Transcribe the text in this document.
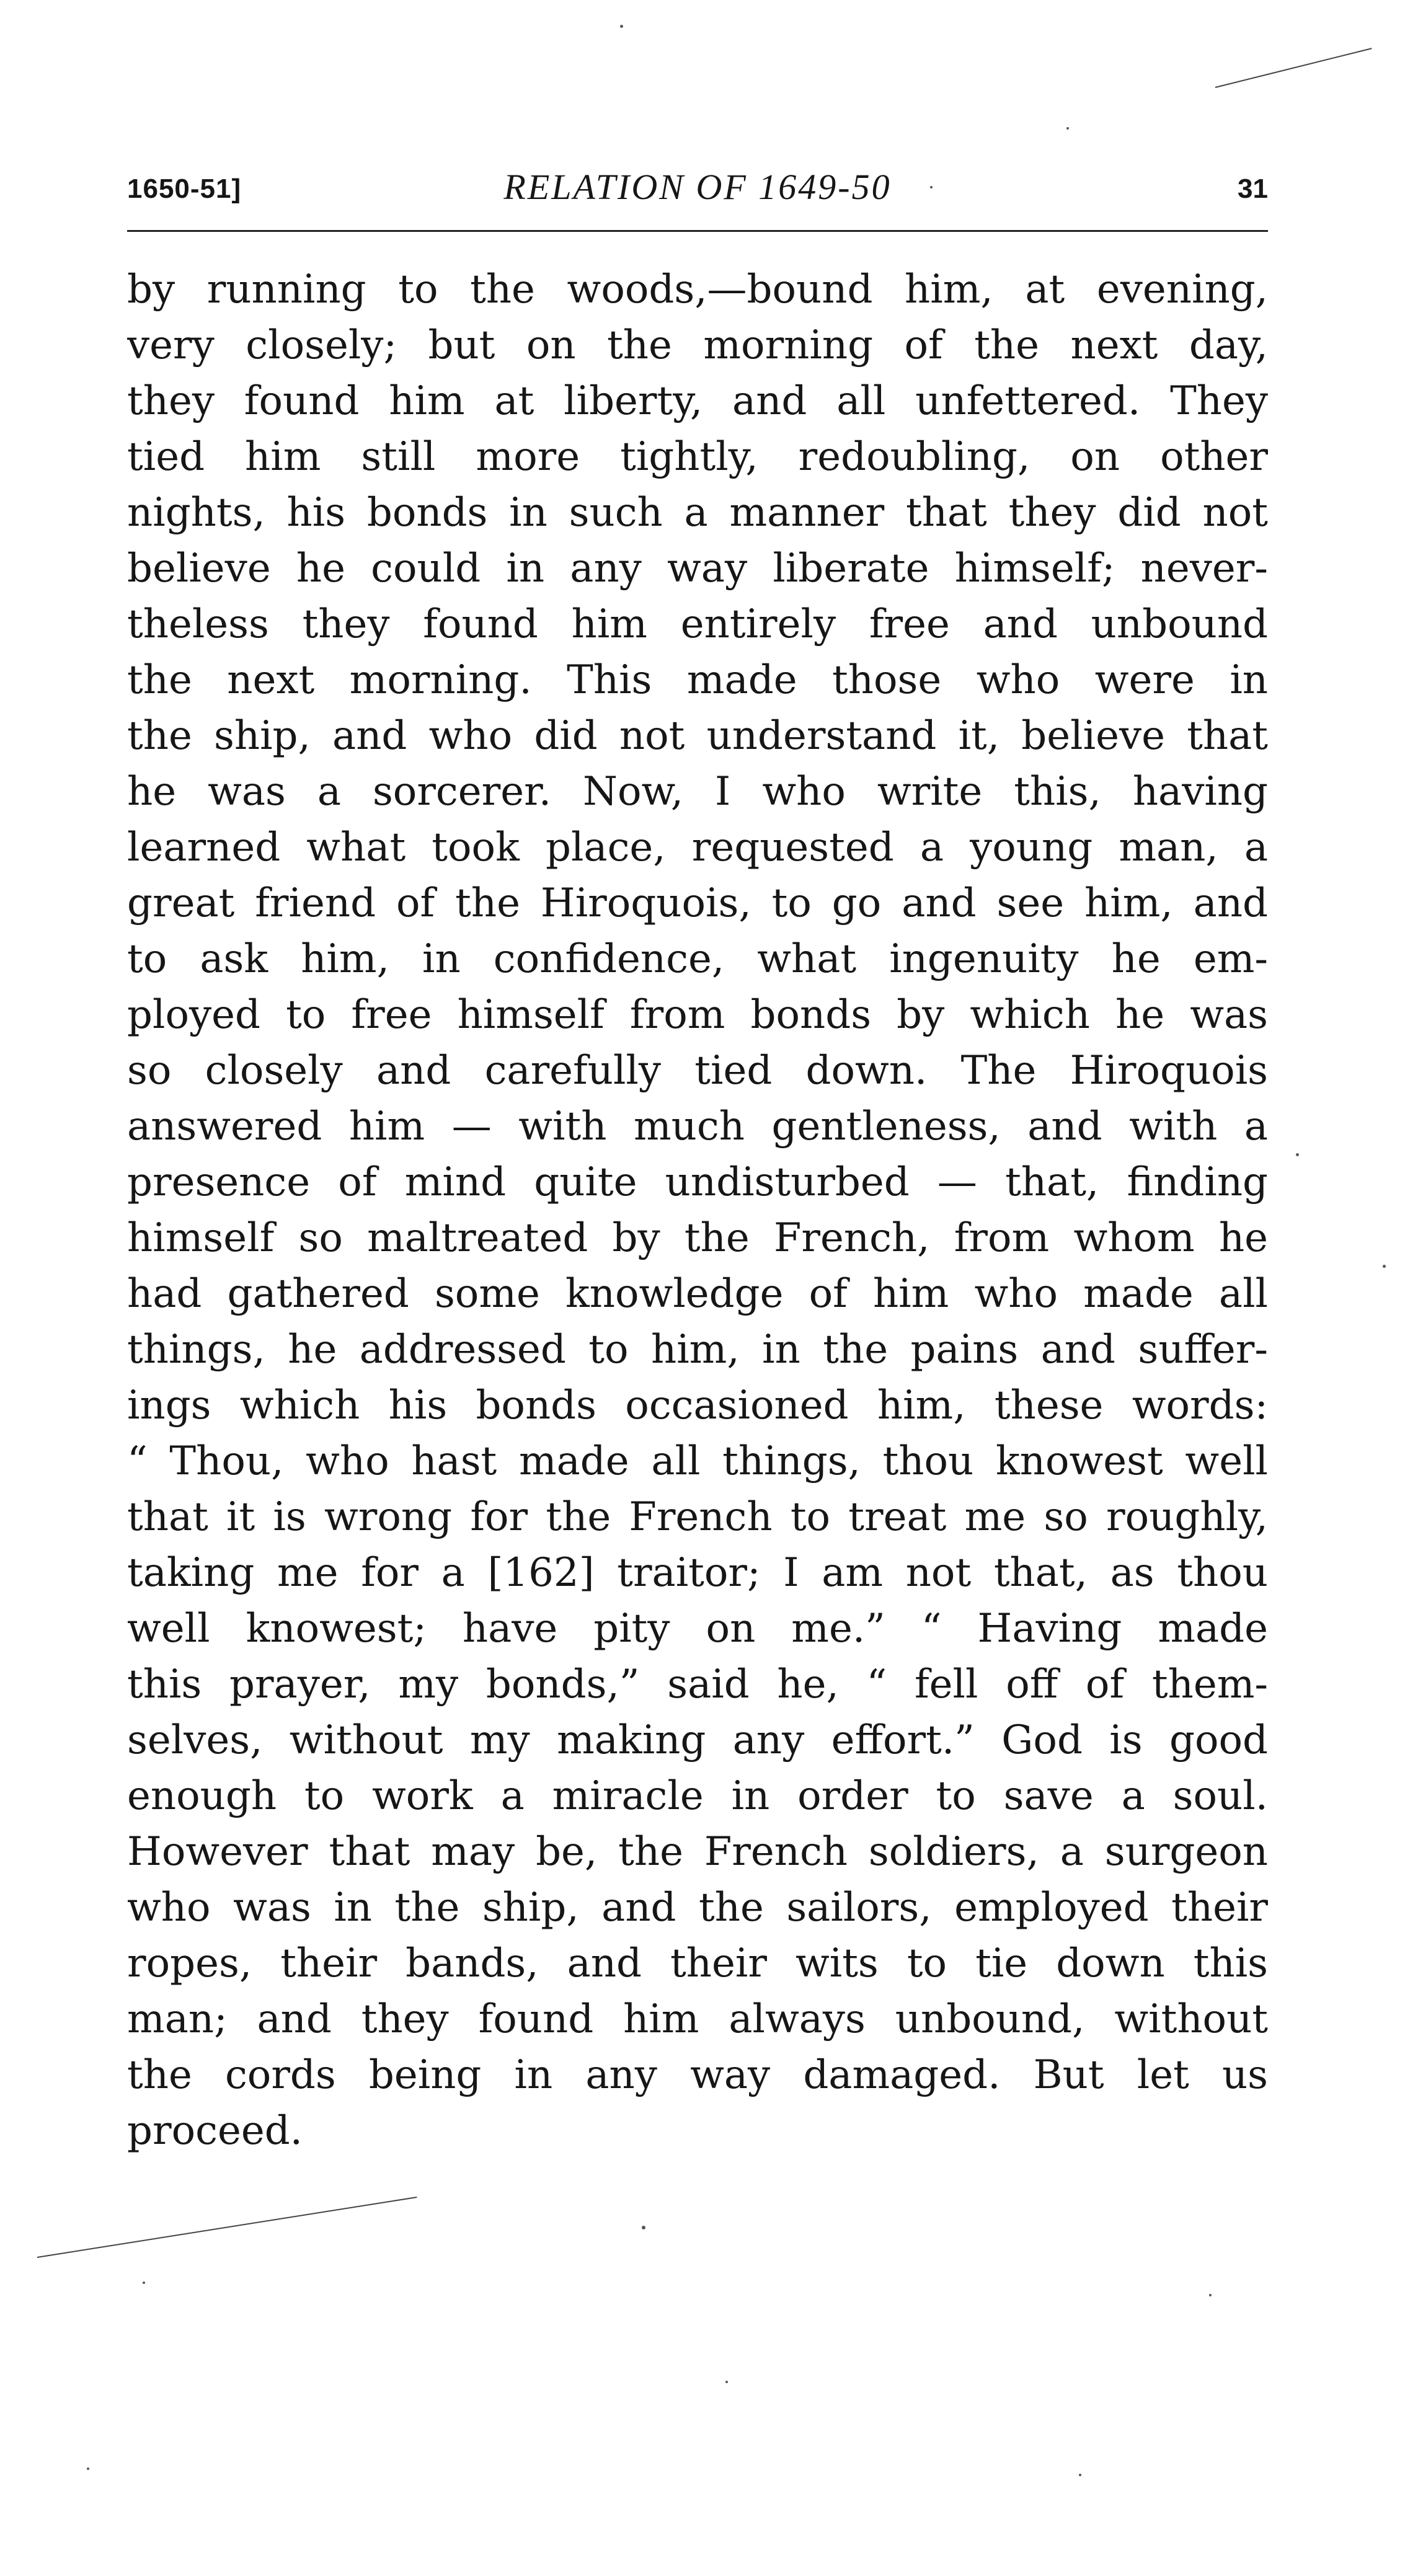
1650-51]	RELATION OF 1649-50	31
by running to the woods,—bound him, at evening,
very closely; but on the morning of the next day,
they found him at liberty, and all unfettered. They
tied him still more tightly, redoubling, on other
nights, his bonds in such a manner that they did not
believe he could in any way liberate himself; never-
theless they found him entirely free and unbound
the next morning. This made those who were in
the ship, and who did not understand it, believe that
he was a sorcerer. Now, I who write this, having
learned what took place, requested a young man, a
great friend of the Hiroquois, to go and see him, and
to ask him, in confidence, what ingenuity he em-
ployed to free himself from bonds by which he was
so closely and carefully tied down. The Hiroquois
answered him — with much gentleness, and with a
presence of mind quite undisturbed — that, finding
himself so maltreated by the French, from whom he
had gathered some knowledge of him who made all
things, he addressed to him, in the pains and suffer-
ings which his bonds occasioned him, these words:
“ Thou, who hast made all things, thou knowest well
that it is wrong for the French to treat me so roughly,
taking me for a [162] traitor; I am not that, as thou
well knowest; have pity on me.” “ Having made
this prayer, my bonds,” said he, “ fell off of them-
selves, without my making any effort.” God is good
enough to work a miracle in order to save a soul.
However that may be, the French soldiers, a surgeon
who was in the ship, and the sailors, employed their
ropes, their bands, and their wits to tie down this
man; and they found him always unbound, without
the cords being in any way damaged. But let us
proceed.
